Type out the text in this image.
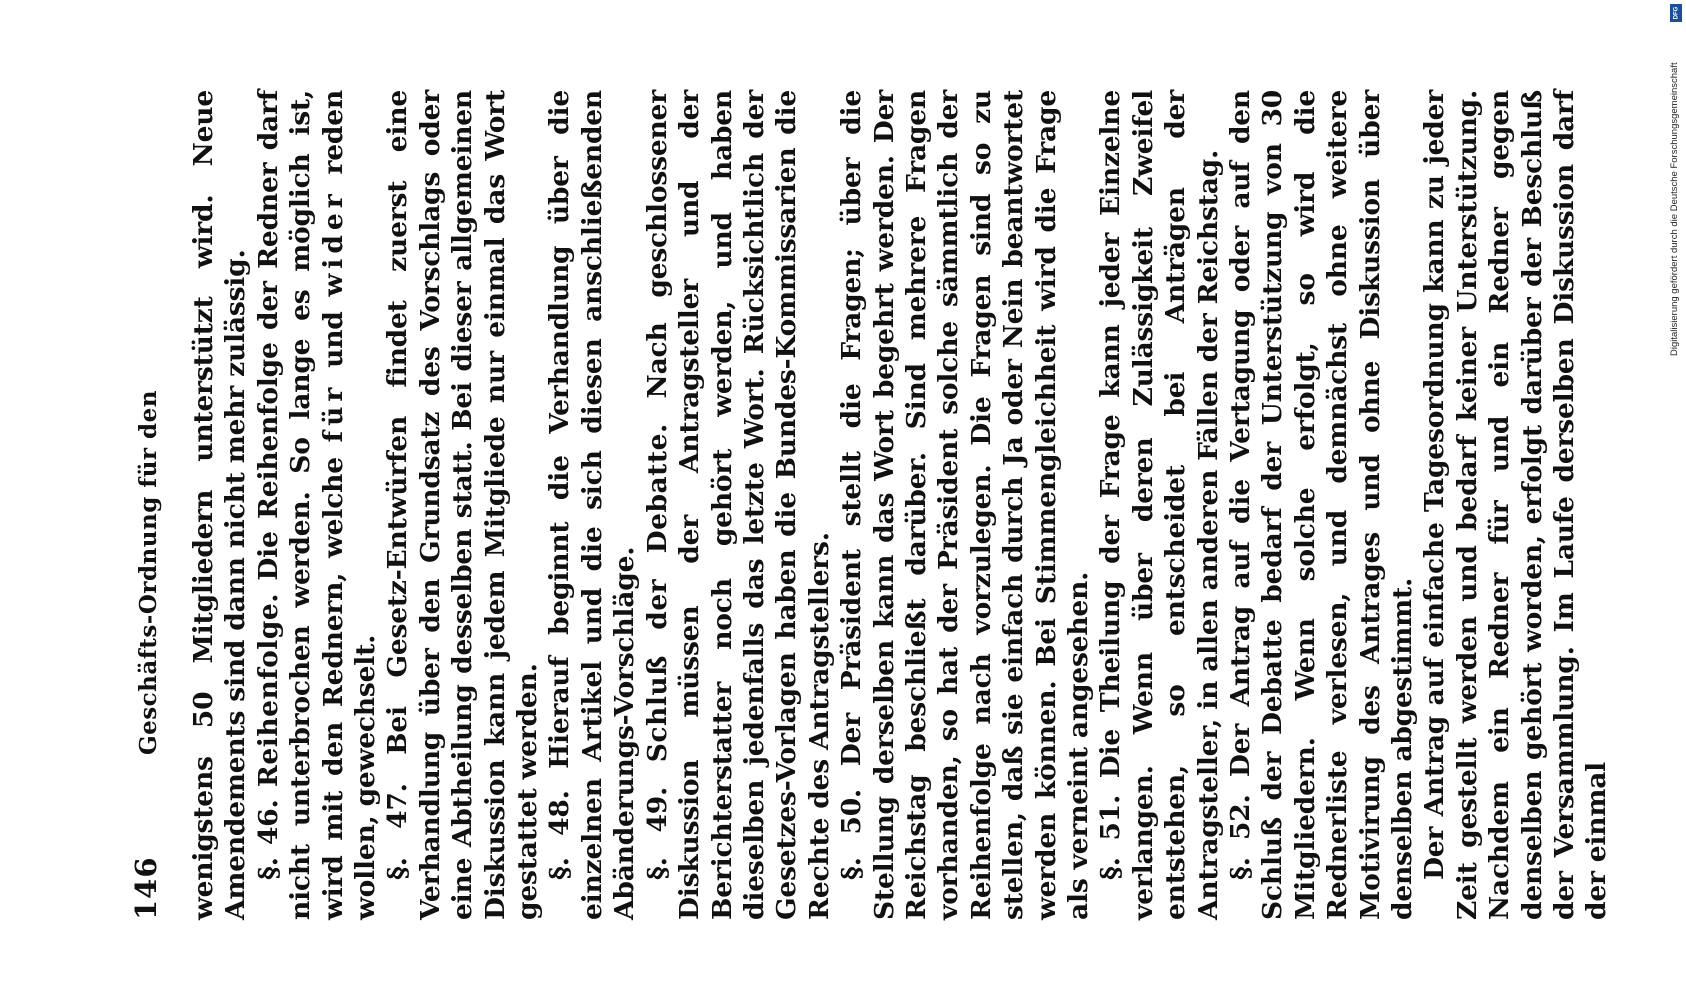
146
Geschäfts-Ordnung für den wenigstens 50 Mitgliedern unterstützt wird. Neue Amendements sind dann nicht mehr zulässig. §. 46. Reihenfolge. Die Reihenfolge der Redner darf nicht unterbrochen werden. So lange es möglich ist, wird mit den Rednern, welche für und wider reden wollen, gewechselt. §. 47. Bei Gesetz-Entwürfen findet zuerst eine Verhandlung über den Grundsatz des Vorschlags oder eine Abtheilung desselben statt. Bei dieser allgemeinen Diskussion kann jedem Mitgliede nur einmal das Wort gestattet werden. §. 48. Hierauf beginnt die Verhandlung über die einzelnen Artikel und die sich diesen anschließenden Abänderungs-Vorschläge. §. 49. Schluß der Debatte. Nach geschlossener Diskussion müssen der Antragsteller und der Berichterstatter noch gehört werden, und haben dieselben jedenfalls das letzte Wort. Rücksichtlich der Gesetzes-Vorlagen haben die Bundes-Kommissarien die Rechte des Antragstellers. §. 50. Der Präsident stellt die Fragen; über die Stellung derselben kann das Wort begehrt werden. Der Reichstag beschließt darüber. Sind mehrere Fragen vorhanden, so hat der Präsident solche sämmtlich der Reihenfolge nach vorzulegen. Die Fragen sind so zu stellen, daß sie einfach durch Ja oder Nein beantwortet werden können. Bei Stimmengleichheit wird die Frage als verneint angesehen. §. 51. Die Theilung der Frage kann jeder Einzelne verlangen. Wenn über deren Zulässigkeit Zweifel entstehen, so entscheidet bei Anträgen der Antragsteller, in allen anderen Fällen der Reichstag. §. 52. Der Antrag auf die Vertagung oder auf den Schluß der Debatte bedarf der Unterstützung von 30 Mitgliedern. Wenn solche erfolgt, so wird die Rednerliste verlesen, und demnächst ohne weitere Motivirung des Antrages und ohne Diskussion über denselben abgestimmt. Der Antrag auf einfache Tagesordnung kann zu jeder Zeit gestellt werden und bedarf keiner Unterstützung. Nachdem ein Redner für und ein Redner gegen denselben gehört worden, erfolgt darüber der Beschluß der Versammlung. Im Laufe derselben Diskussion darf der einmal

Digitalisierung gefördert durch die Deutsche Forschungsgemeinschaft
DFG
